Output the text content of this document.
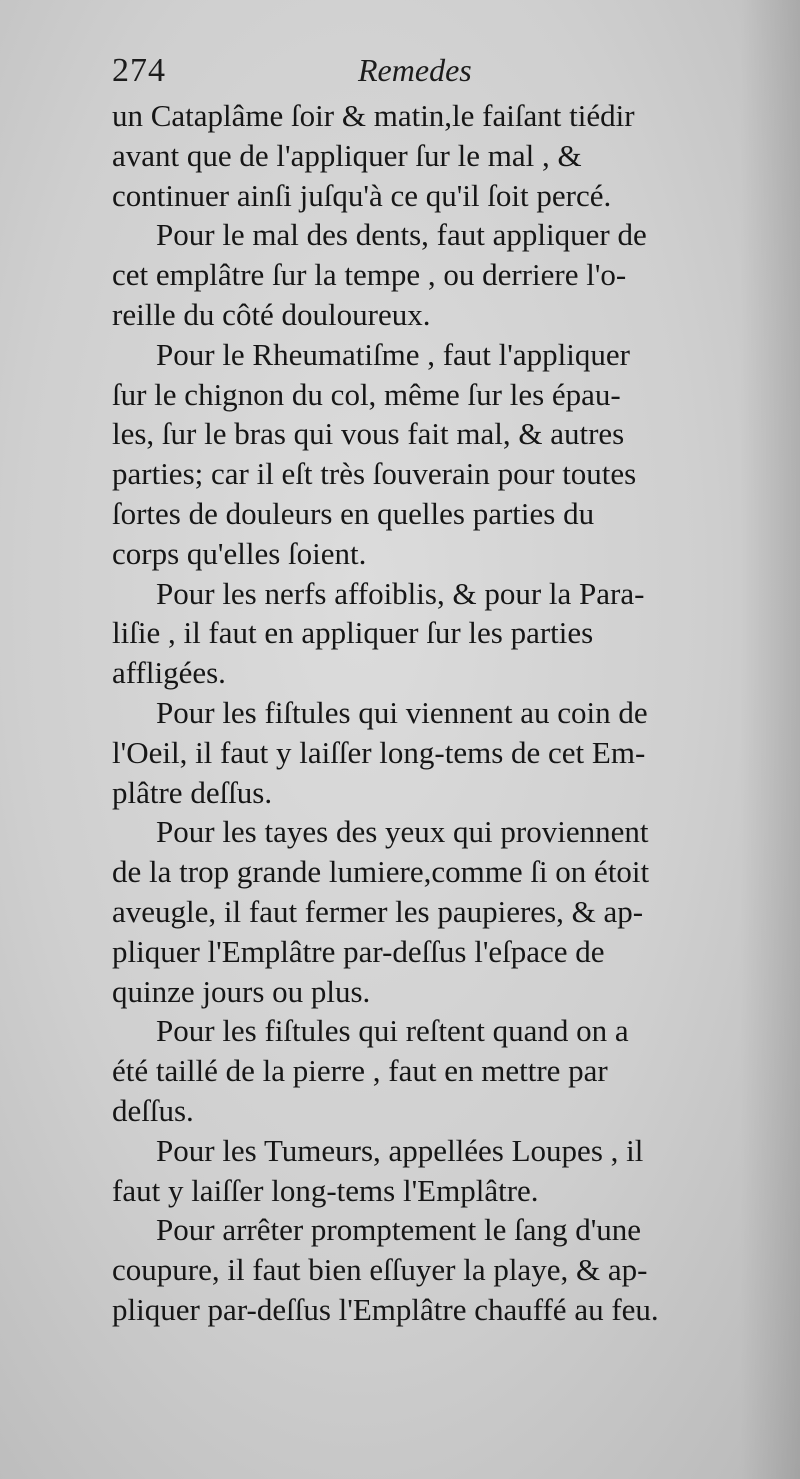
274	Remedes
un Cataplâme ſoir & matin,le faiſant tiédir
avant que de l'appliquer ſur le mal , &
continuer ainſi juſqu'à ce qu'il ſoit percé.
Pour le mal des dents, faut appliquer de
cet emplâtre ſur la tempe , ou derriere l'o-
reille du côté douloureux.
Pour le Rheumatiſme , faut l'appliquer
ſur le chignon du col, même ſur les épau-
les, ſur le bras qui vous fait mal, & autres
parties; car il eſt très ſouverain pour toutes
ſortes de douleurs en quelles parties du
corps qu'elles ſoient.
Pour les nerfs affoiblis, & pour la Para-
liſie , il faut en appliquer ſur les parties
affligées.
Pour les fiſtules qui viennent au coin de
l'Oeil, il faut y laiſſer long-tems de cet Em-
plâtre deſſus.
Pour les tayes des yeux qui proviennent
de la trop grande lumiere,comme ſi on étoit
aveugle, il faut fermer les paupieres, & ap-
pliquer l'Emplâtre par-deſſus l'eſpace de
quinze jours ou plus.
Pour les fiſtules qui reſtent quand on a
été taillé de la pierre , faut en mettre par
deſſus.
Pour les Tumeurs, appellées Loupes , il
faut y laiſſer long-tems l'Emplâtre.
Pour arrêter promptement le ſang d'une
coupure, il faut bien eſſuyer la playe, & ap-
pliquer par-deſſus l'Emplâtre chauffé au feu.
